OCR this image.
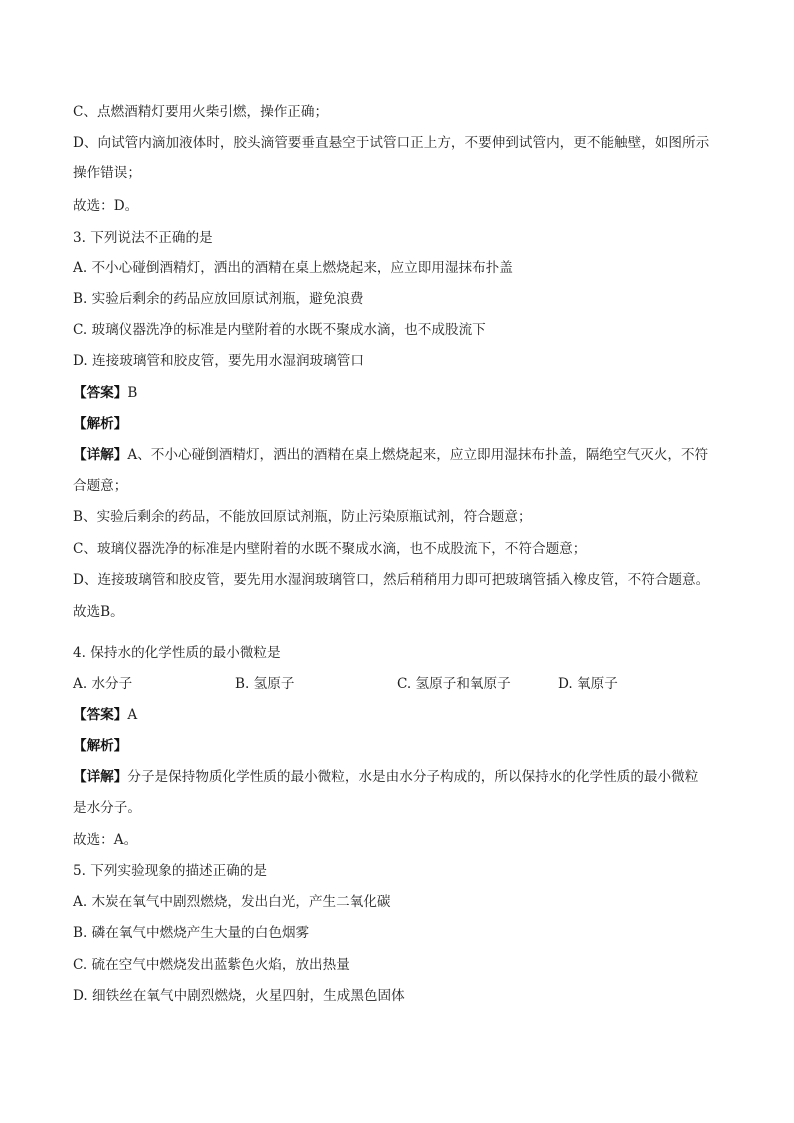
C、点燃酒精灯要用火柴引燃，操作正确；
D、向试管内滴加液体时，胶头滴管要垂直悬空于试管口正上方，不要伸到试管内，更不能触壁，如图所示
操作错误；
故选：D。
3. 下列说法不正确的是
A. 不小心碰倒酒精灯，洒出的酒精在桌上燃烧起来，应立即用湿抹布扑盖
B. 实验后剩余的药品应放回原试剂瓶，避免浪费
C. 玻璃仪器洗净的标准是内壁附着的水既不聚成水滴，也不成股流下
D. 连接玻璃管和胶皮管，要先用水湿润玻璃管口
【答案】B
【解析】
【详解】A、不小心碰倒酒精灯，洒出的酒精在桌上燃烧起来，应立即用湿抹布扑盖，隔绝空气灭火，不符
合题意；
B、实验后剩余的药品，不能放回原试剂瓶，防止污染原瓶试剂，符合题意；
C、玻璃仪器洗净的标准是内壁附着的水既不聚成水滴，也不成股流下，不符合题意；
D、连接玻璃管和胶皮管，要先用水湿润玻璃管口，然后稍稍用力即可把玻璃管插入橡皮管，不符合题意。
故选B。
4. 保持水的化学性质的最小微粒是
A. 水分子	B. 氢原子	C. 氢原子和氧原子	D. 氧原子
【答案】A
【解析】
【详解】分子是保持物质化学性质的最小微粒，水是由水分子构成的，所以保持水的化学性质的最小微粒
是水分子。
故选：A。
5. 下列实验现象的描述正确的是
A. 木炭在氧气中剧烈燃烧，发出白光，产生二氧化碳
B. 磷在氧气中燃烧产生大量的白色烟雾
C. 硫在空气中燃烧发出蓝紫色火焰，放出热量
D. 细铁丝在氧气中剧烈燃烧，火星四射，生成黑色固体
